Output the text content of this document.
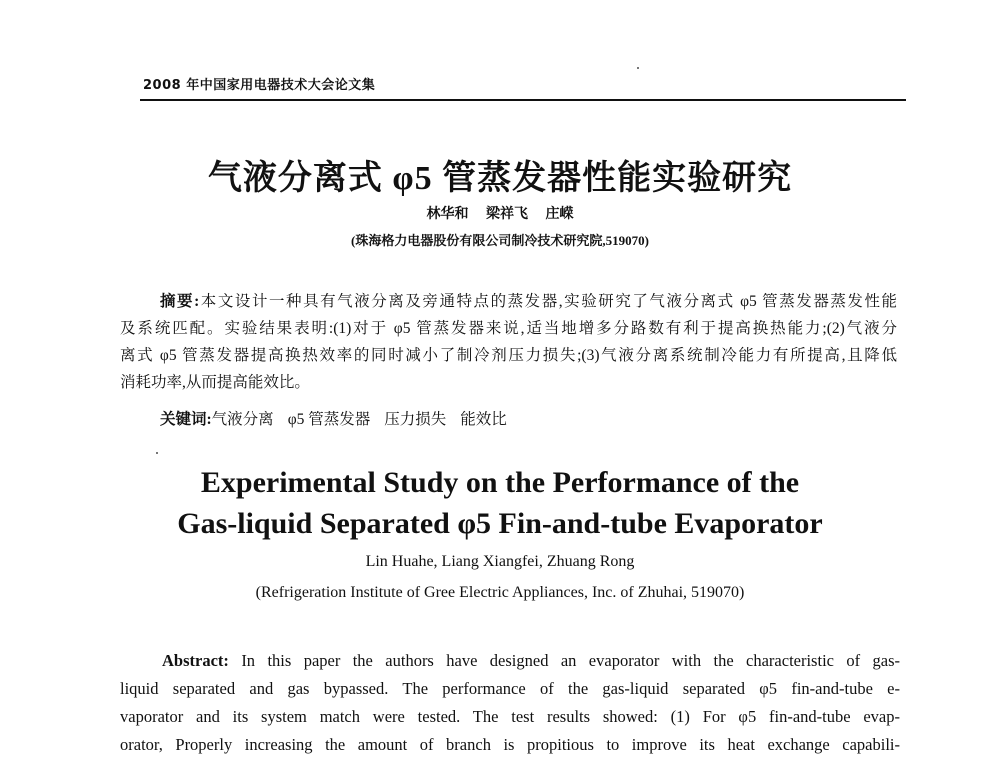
2008 年中国家用电器技术大会论文集
气液分离式 φ5 管蒸发器性能实验研究
林华和 梁祥飞 庄嵘
(珠海格力电器股份有限公司制冷技术研究院,519070)
摘要:本文设计一种具有气液分离及旁通特点的蒸发器,实验研究了气液分离式 φ5 管蒸发器蒸发性能
及系统匹配。实验结果表明:(1)对于 φ5 管蒸发器来说,适当地增多分路数有利于提高换热能力;(2)气液分
离式 φ5 管蒸发器提高换热效率的同时减小了制冷剂压力损失;(3)气液分离系统制冷能力有所提高,且降低
消耗功率,从而提高能效比。
关键词:气液分离 φ5 管蒸发器 压力损失 能效比
Experimental Study on the Performance of the
Gas-liquid Separated φ5 Fin-and-tube Evaporator
Lin Huahe, Liang Xiangfei, Zhuang Rong
(Refrigeration Institute of Gree Electric Appliances, Inc. of Zhuhai, 519070)
Abstract: In this paper the authors have designed an evaporator with the characteristic of gas-
liquid separated and gas bypassed. The performance of the gas-liquid separated φ5 fin-and-tube e-
vaporator and its system match were tested. The test results showed: (1) For φ5 fin-and-tube evap-
orator, Properly increasing the amount of branch is propitious to improve its heat exchange capabili-
